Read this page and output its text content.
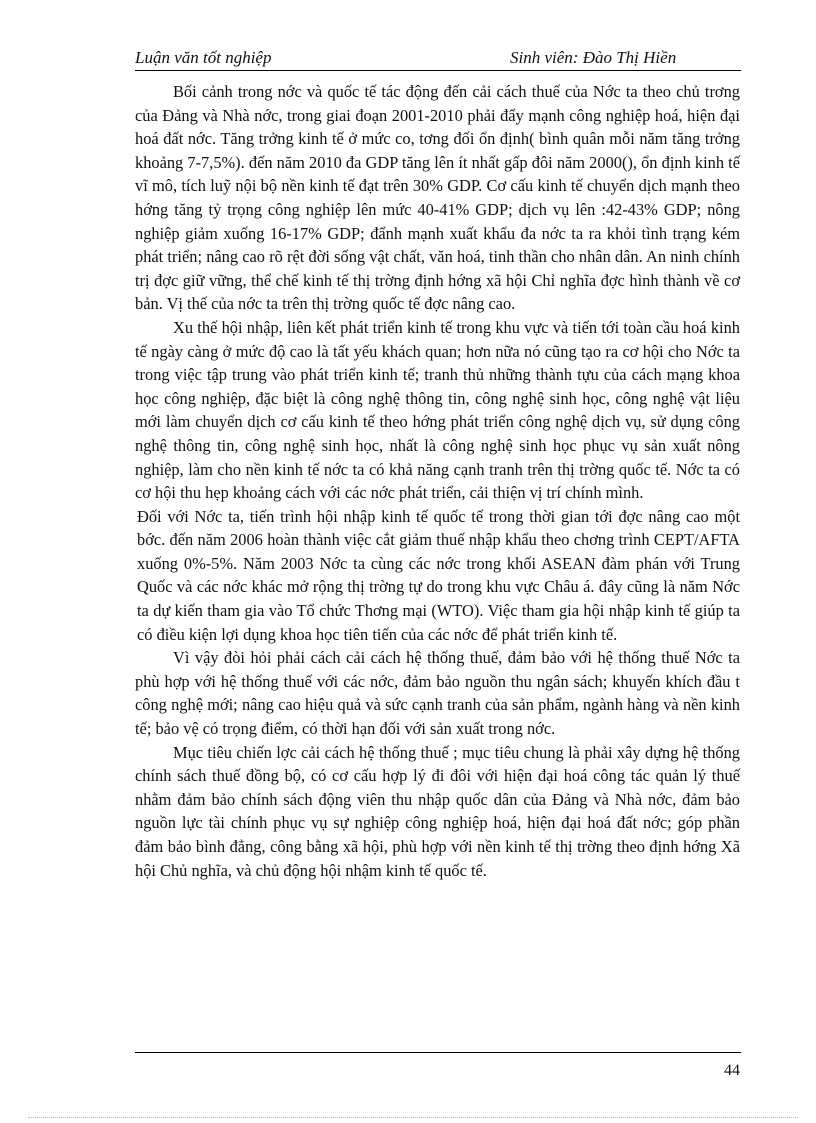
Luận văn tốt nghiệp	Sinh viên: Đào Thị Hiền

Bối cảnh trong nớc và quốc tế tác động đến cải cách thuế của Nớc ta theo chủ trơng của Đảng và Nhà nớc, trong giai đoạn 2001-2010 phải đẩy mạnh công nghiệp hoá, hiện đại hoá đất nớc. Tăng trởng kinh tế ở mức co, tơng đối ổn định( bình quân mỗi năm tăng trởng khoảng 7-7,5%). đến năm 2010 đa GDP tăng lên ít nhất gấp đôi năm 2000(), ổn định kinh tế vĩ mô, tích luỹ nội bộ nền kinh tế đạt trên 30% GDP. Cơ cấu kinh tế chuyển dịch mạnh theo hớng tăng tỷ trọng công nghiệp lên mức 40-41% GDP; dịch vụ lên :42-43% GDP; nông nghiệp giảm xuống 16-17% GDP; đẩnh mạnh xuất khẩu đa nớc ta ra khỏi tình trạng kém phát triển; nâng cao rõ rệt đời sống vật chất, văn hoá, tinh thần cho nhân dân. An ninh chính trị đợc giữ vững, thể chế kinh tế thị trờng định hớng xã hội Chỉ nghĩa đợc hình thành về cơ bản. Vị thế của nớc ta trên thị trờng quốc tế đợc nâng cao.

Xu thế hội nhập, liên kết phát triển kinh tế trong khu vực và tiến tới toàn cầu hoá kinh tế ngày càng ở mức độ cao là tất yếu khách quan; hơn nữa nó cũng tạo ra cơ hội cho Nớc ta trong việc tập trung vào phát triển kinh tế; tranh thủ những thành tựu của cách mạng khoa học công nghiệp, đặc biệt là công nghệ thông tin, công nghệ sinh học, công nghệ vật liệu mới làm chuyển dịch cơ cấu kinh tế theo hớng phát triển công nghệ dịch vụ, sử dụng công nghệ thông tin, công nghệ sinh học, nhất là công nghệ sinh học phục vụ sản xuất nông nghiệp, làm cho nền kinh tế nớc ta có khả năng cạnh tranh trên thị trờng quốc tế. Nớc ta có cơ hội thu hẹp khoảng cách với các nớc phát triển, cải thiện vị trí chính mình.

Đối với Nớc ta, tiến trình hội nhập kinh tế quốc tế trong thời gian tới đợc nâng cao một bớc. đến năm 2006 hoàn thành việc cắt giảm thuế nhập khẩu theo chơng trình CEPT/AFTA xuống 0%-5%. Năm 2003 Nớc ta cùng các nớc trong khối ASEAN đàm phán với Trung Quốc và các nớc khác mở rộng thị trờng tự do trong khu vực Châu á. đây cũng là năm Nớc ta dự kiến tham gia vào Tổ chức Thơng mại (WTO). Việc tham gia hội nhập kinh tế giúp ta có điều kiện lợi dụng khoa học tiên tiến của các nớc để phát triển kinh tế.

Vì vậy đòi hỏi phải cách cải cách hệ thống thuế, đảm bảo với hệ thống thuế Nớc ta phù hợp với hệ thống thuế với các nớc, đảm bảo nguồn thu ngân sách; khuyến khích đầu t công nghệ mới; nâng cao hiệu quả và sức cạnh tranh của sản phẩm, ngành hàng và nền kinh tế; bảo vệ có trọng điểm, có thời hạn đối với sản xuất trong nớc.

Mục tiêu chiến lợc cải cách hệ thống thuế ; mục tiêu chung là phải xây dựng hệ thống chính sách thuế đồng bộ, có cơ cấu hợp lý đi đôi với hiện đại hoá công tác quản lý thuế nhằm đảm bảo chính sách động viên thu nhập quốc dân của Đảng và Nhà nớc, đảm bảo nguồn lực tài chính phục vụ sự nghiệp công nghiệp hoá, hiện đại hoá đất nớc; góp phần đảm bảo bình đẳng, công bằng xã hội, phù hợp với nền kinh tế thị trờng theo định hớng Xã hội Chủ nghĩa, và chủ động hội nhậm kinh tế quốc tế.

44
